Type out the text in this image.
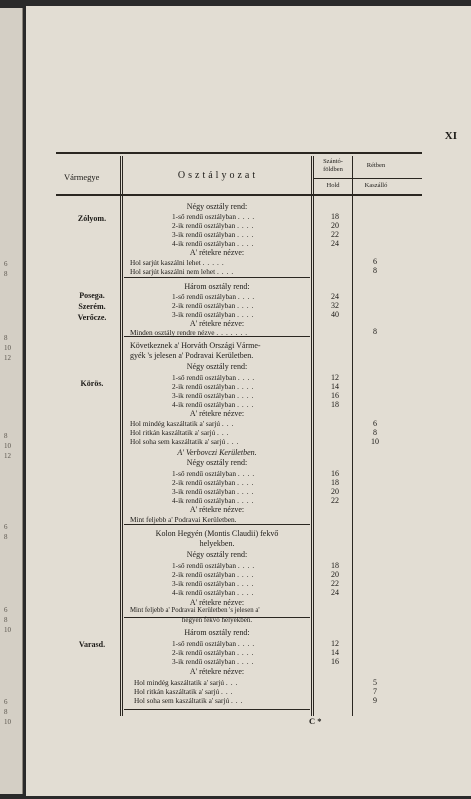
6
8
8
10
12
8
10
12
6
8
6
8
10
6
8
10
XI
Vármegye	Osztályozat
Szántó-földben
Rétben
Hold	Kaszálló
Zólyom.
Posega.
Szerém.
Verőcze.
Körös.
Varasd.
Négy osztály rend:
1-ső rendű osztályban ....
2-ik rendű osztályban ....
3-ik rendű osztályban ....
4-ik rendű osztályban ....
A' rétekre nézve:
Hol sarjút kaszálni lehet .....
Hol sarjút kaszálni nem lehet ....
18
20
22
24
6
8
Három osztály rend:
1-ső rendű osztályban ....
2-ik rendű osztályban ....
3-ik rendű osztályban ....
A' rétekre nézve:
Minden osztály rendre nézve .......
24
32
40
8
Következnek a' Horváth Országi Várme-
gyék 's jelesen a' Podravai Kerületben.
Négy osztály rend:
1-ső rendű osztályban ....
2-ik rendű osztályban ....
3-ik rendű osztályban ....
4-ik rendű osztályban ....
A' rétekre nézve:
Hol mindég kaszáltatik a' sarjú ...
Hol ritkán kaszáltatik a' sarjú ...
Hol soha sem kaszáltatik a' sarjú ...
12
14
16
18
6
8
10
A' Verbovczi Kerületben.
Négy osztály rend:
1-ső rendű osztályban ....
2-ik rendű osztályban ....
3-ik rendű osztályban ....
4-ik rendű osztályban ....
A' rétekre nézve:
Mint feljebb a' Podravai Kerületben.
16
18
20
22
Kolon Hegyén (Montis Claudii) fekvő
helyekben.
Négy osztály rend:
1-ső rendű osztályban ....
2-ik rendű osztályban ....
3-ik rendű osztályban ....
4-ik rendű osztályban ....
A' rétekre nézve:
Mint feljebb a' Podravai Kerületben 's jelesen a'
hegyen fekvő helyekben.
18
20
22
24
Három osztály rend:
1-ső rendű osztályban ....
2-ik rendű osztályban ....
3-ik rendű osztályban ....
A' rétekre nézve:
Hol mindég kaszáltatik a' sarjú ...
Hol ritkán kaszáltatik a' sarjú ...
Hol soha sem kaszáltatik a' sarjú ...
12
14
16
5
7
9
C *
